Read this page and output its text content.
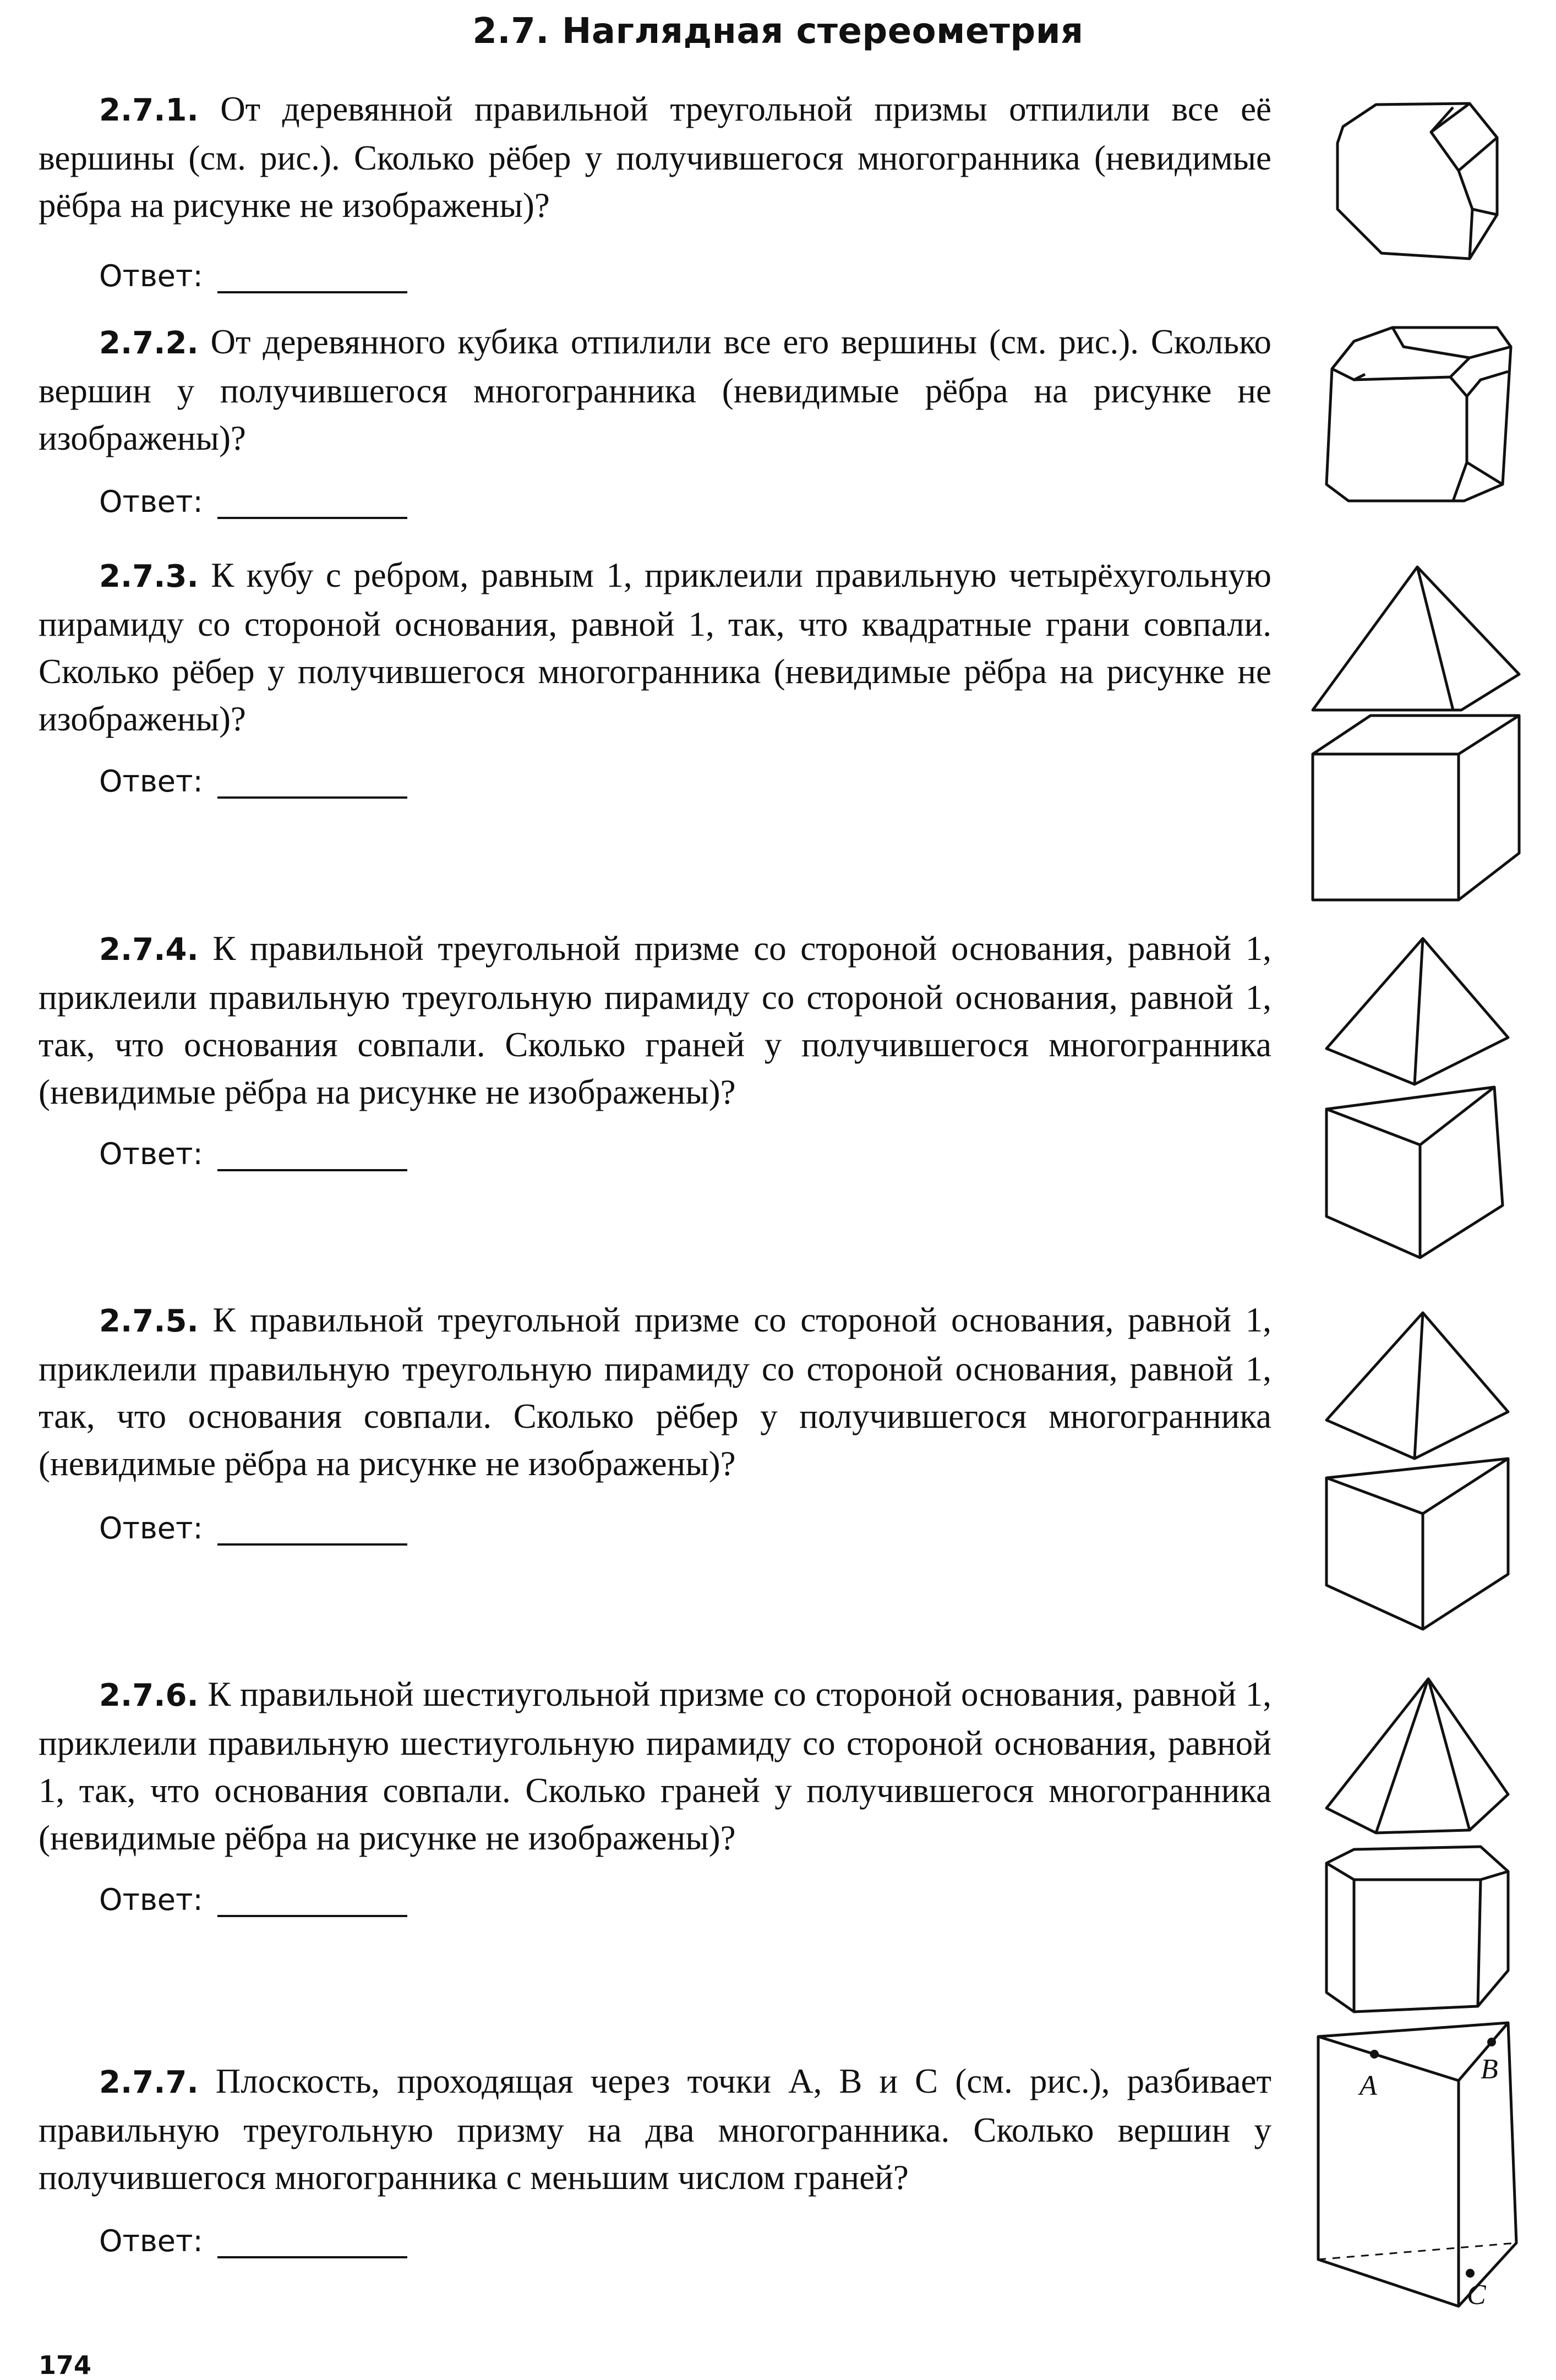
2.7. Наглядная стереометрия
2.7.1. От деревянной правильной треугольной призмы отпилили все её вершины (см. рис.). Сколько рёбер у получившегося многогранника (невидимые рёбра на рисунке не изображены)?
Ответ:
2.7.2. От деревянного кубика отпилили все его вершины (см. рис.). Сколько вершин у получившегося многогранника (невидимые рёбра на рисунке не изображены)?
Ответ:
2.7.3. К кубу с ребром, равным 1, приклеили правильную четырёхугольную пирамиду со стороной основания, равной 1, так, что квадратные грани совпали. Сколько рёбер у получившегося многогранника (невидимые рёбра на рисунке не изображены)?
Ответ:
2.7.4. К правильной треугольной призме со стороной основания, равной 1, приклеили правильную треугольную пирамиду со стороной основания, равной 1, так, что основания совпали. Сколько граней у получившегося многогранника (невидимые рёбра на рисунке не изображены)?
Ответ:
2.7.5. К правильной треугольной призме со стороной основания, равной 1, приклеили правильную треугольную пирамиду со стороной основания, равной 1, так, что основания совпали. Сколько рёбер у получившегося многогранника (невидимые рёбра на рисунке не изображены)?
Ответ:
2.7.6. К правильной шестиугольной призме со стороной основания, равной 1, приклеили правильную шестиугольную пирамиду со стороной основания, равной 1, так, что основания совпали. Сколько граней у получившегося многогранника (невидимые рёбра на рисунке не изображены)?
Ответ:
2.7.7. Плоскость, проходящая через точки A, B и C (см. рис.), разбивает правильную треугольную призму на два многогранника. Сколько вершин у получившегося многогранника с меньшим числом граней?
Ответ:
A
B
C
174
